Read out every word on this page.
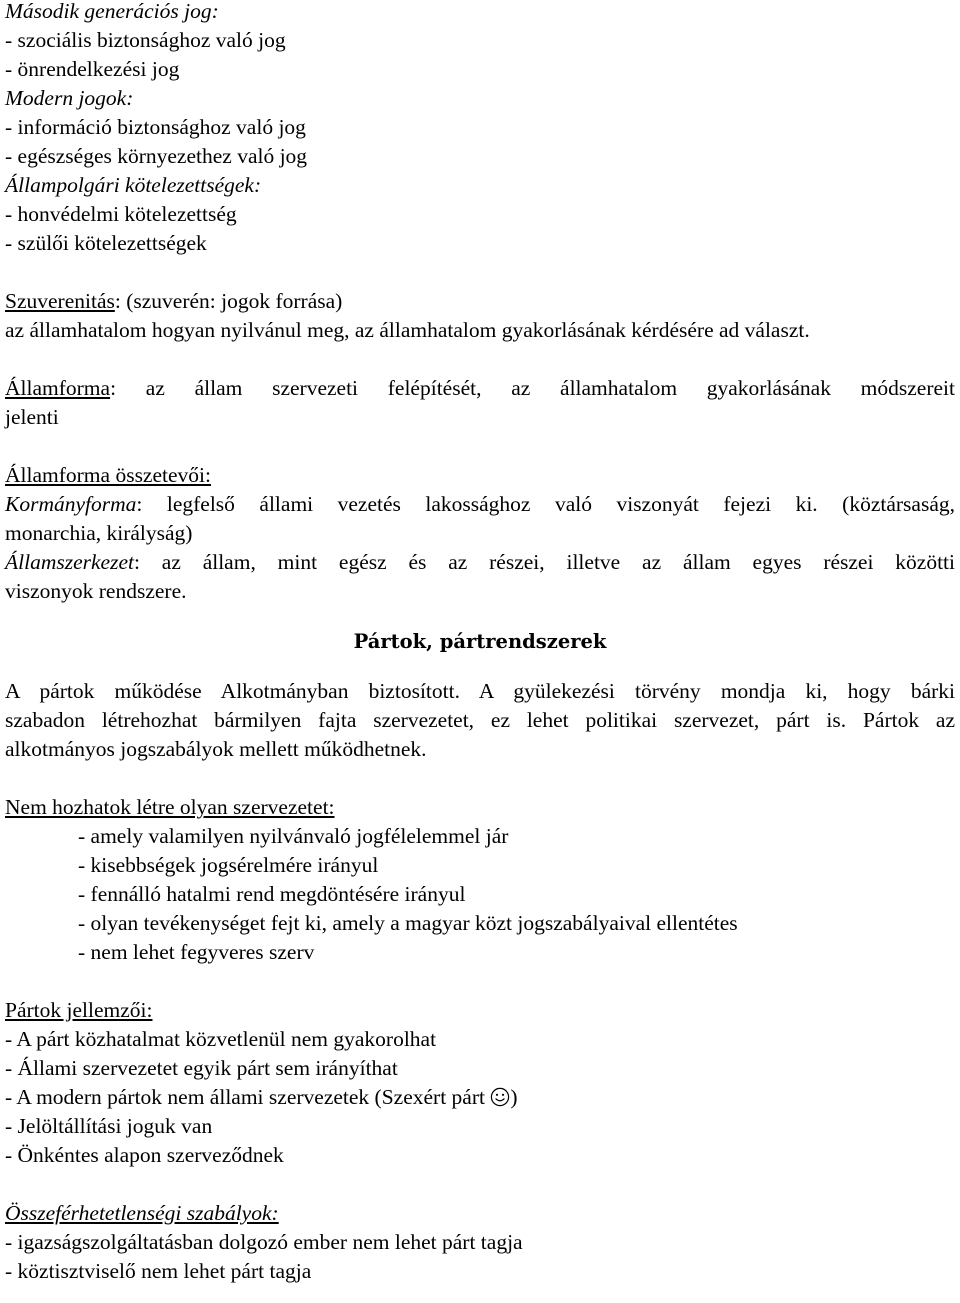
Második generációs jog:
- szociális biztonsághoz való jog
- önrendelkezési jog
Modern jogok:
- információ biztonsághoz való jog
- egészséges környezethez való jog
Állampolgári kötelezettségek:
- honvédelmi kötelezettség
- szülői kötelezettségek
Szuverenitás: (szuverén: jogok forrása)
az államhatalom hogyan nyilvánul meg, az államhatalom gyakorlásának kérdésére ad választ.
Államforma: az állam szervezeti felépítését, az államhatalom gyakorlásának módszereit
jelenti
Államforma összetevői:
Kormányforma: legfelső állami vezetés lakossághoz való viszonyát fejezi ki. (köztársaság,
monarchia, királyság)
Államszerkezet: az állam, mint egész és az részei, illetve az állam egyes részei közötti
viszonyok rendszere.
Pártok, pártrendszerek
A pártok működése Alkotmányban biztosított. A gyülekezési törvény mondja ki, hogy bárki
szabadon létrehozhat bármilyen fajta szervezetet, ez lehet politikai szervezet, párt is. Pártok az
alkotmányos jogszabályok mellett működhetnek.
Nem hozhatok létre olyan szervezetet:
- amely valamilyen nyilvánvaló jogfélelemmel jár
- kisebbségek jogsérelmére irányul
- fennálló hatalmi rend megdöntésére irányul
- olyan tevékenységet fejt ki, amely a magyar közt jogszabályaival ellentétes
- nem lehet fegyveres szerv
Pártok jellemzői:
- A párt közhatalmat közvetlenül nem gyakorolhat
- Állami szervezetet egyik párt sem irányíthat
- A modern pártok nem állami szervezetek (Szexért párt )
- Jelöltállítási joguk van
- Önkéntes alapon szerveződnek
Összeférhetetlenségi szabályok:
- igazságszolgáltatásban dolgozó ember nem lehet párt tagja
- köztisztviselő nem lehet párt tagja
